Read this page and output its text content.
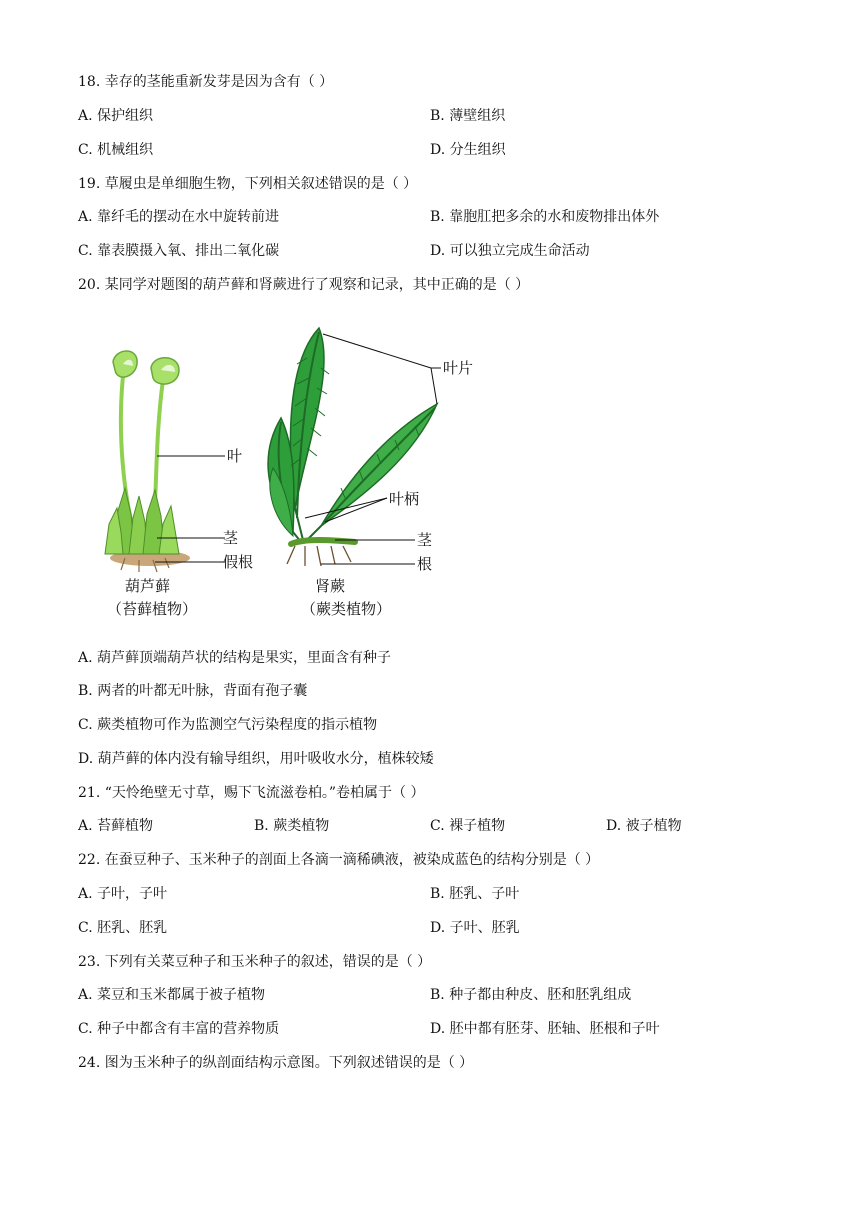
18. 幸存的茎能重新发芽是因为含有（ ）
A. 保护组织	B. 薄壁组织
C. 机械组织	D. 分生组织
19. 草履虫是单细胞生物，下列相关叙述错误的是（ ）
A. 靠纤毛的摆动在水中旋转前进	B. 靠胞肛把多余的水和废物排出体外
C. 靠表膜摄入氧、排出二氧化碳	D. 可以独立完成生命活动
20. 某同学对题图的葫芦藓和肾蕨进行了观察和记录，其中正确的是（ ）
叶
茎
假根
葫芦藓
（苔藓植物）
叶片
叶柄
茎
根
肾蕨
（蕨类植物）
A. 葫芦藓顶端葫芦状的结构是果实，里面含有种子
B. 两者的叶都无叶脉，背面有孢子囊
C. 蕨类植物可作为监测空气污染程度的指示植物
D. 葫芦藓的体内没有输导组织，用叶吸收水分，植株较矮
21. “天怜绝壁无寸草，赐下飞流滋卷柏。”卷柏属于（ ）
A. 苔藓植物	B. 蕨类植物	C. 裸子植物	D. 被子植物
22. 在蚕豆种子、玉米种子的剖面上各滴一滴稀碘液，被染成蓝色的结构分别是（ ）
A. 子叶，子叶	B. 胚乳、子叶
C. 胚乳、胚乳	D. 子叶、胚乳
23. 下列有关菜豆种子和玉米种子的叙述，错误的是（ ）
A. 菜豆和玉米都属于被子植物	B. 种子都由种皮、胚和胚乳组成
C. 种子中都含有丰富的营养物质	D. 胚中都有胚芽、胚轴、胚根和子叶
24. 图为玉米种子的纵剖面结构示意图。下列叙述错误的是（ ）
